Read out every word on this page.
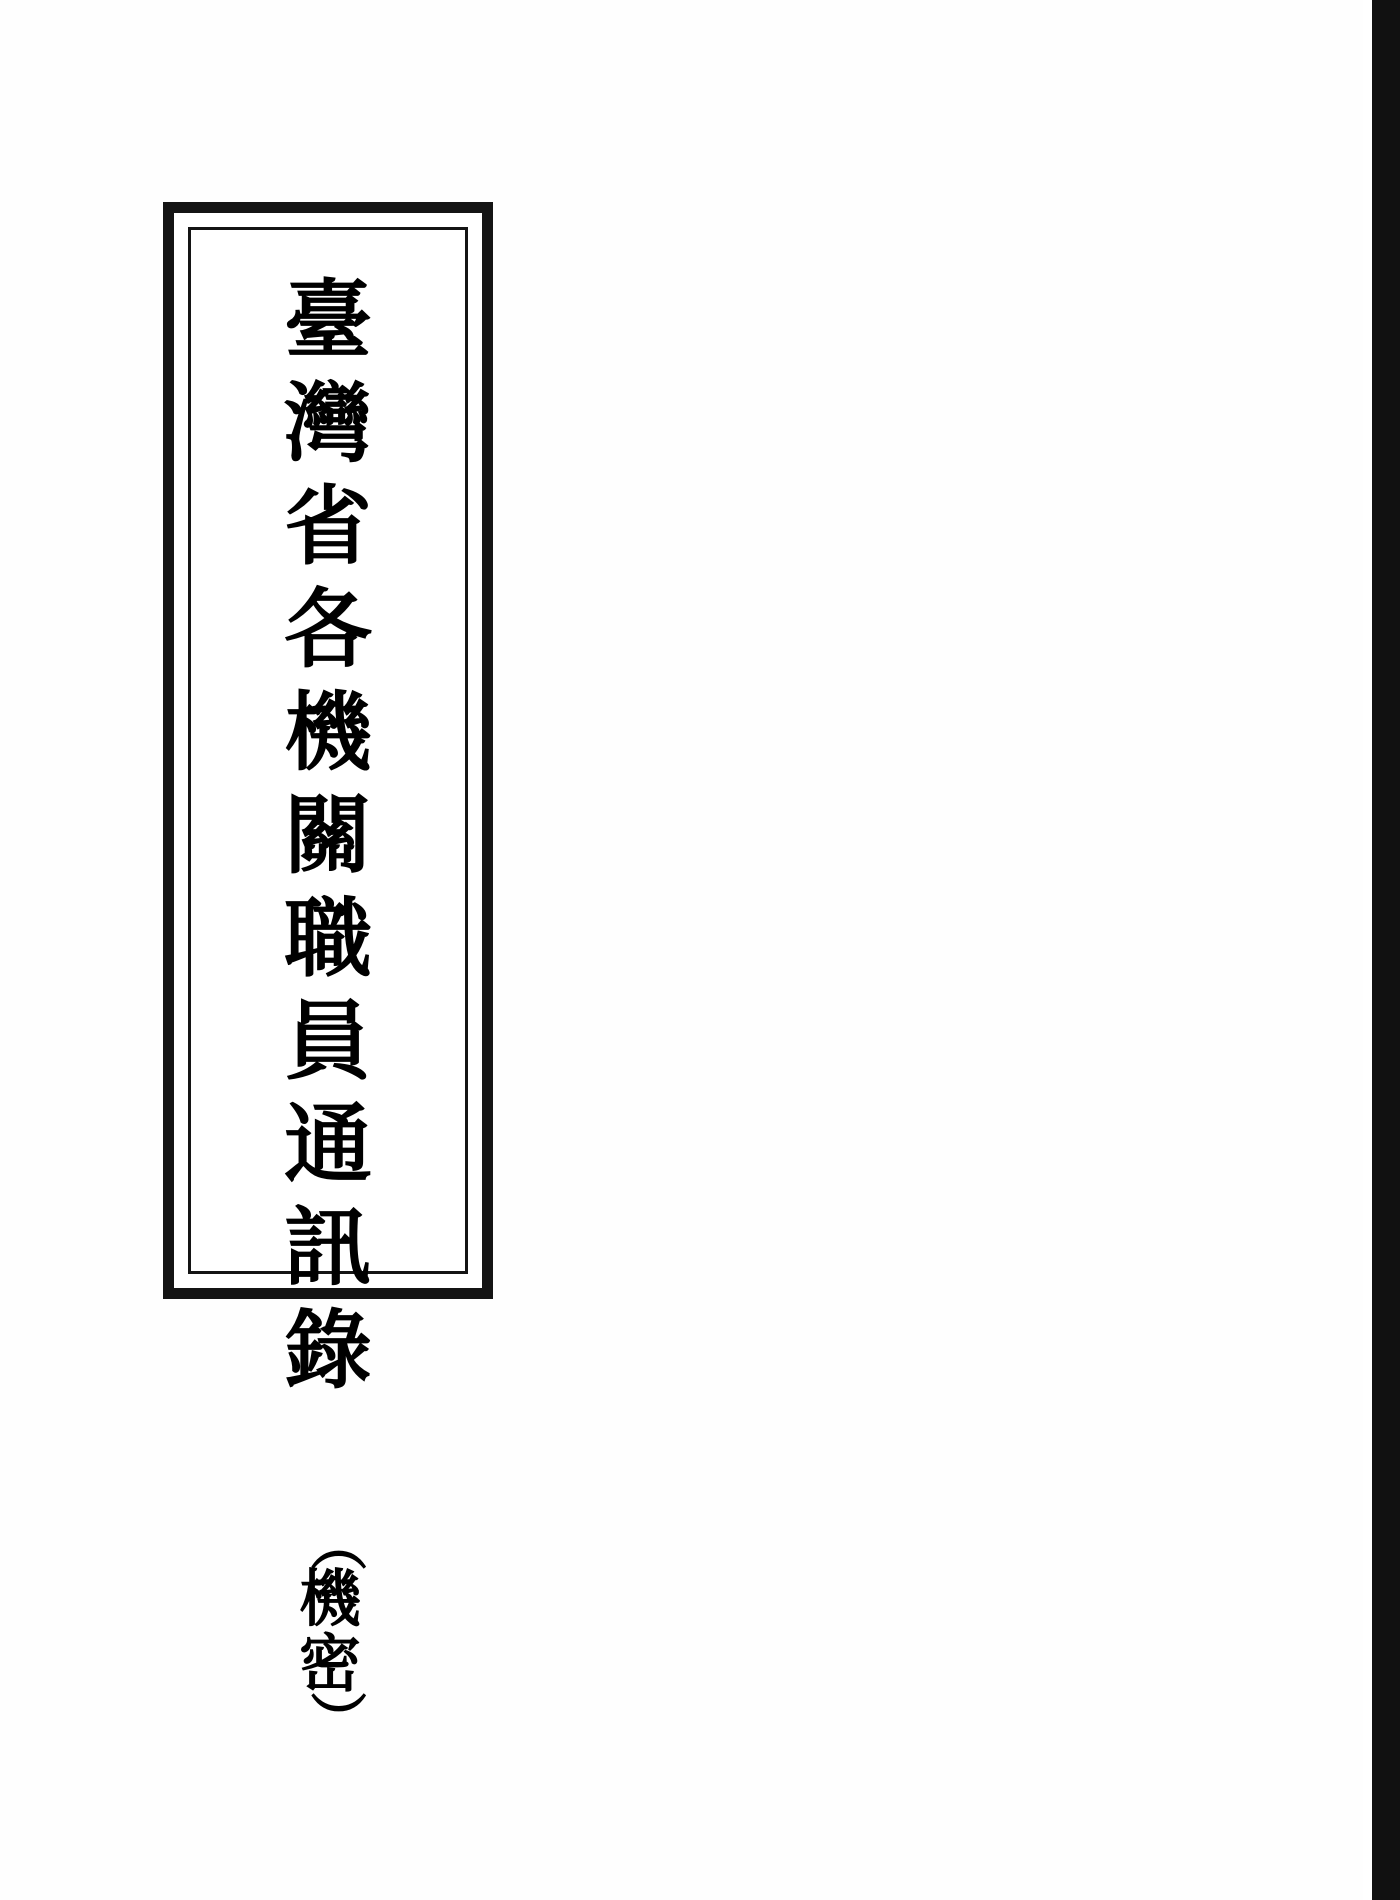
臺
灣
省
各
機
關
職
員
通
訊
錄
（
機
密
）
